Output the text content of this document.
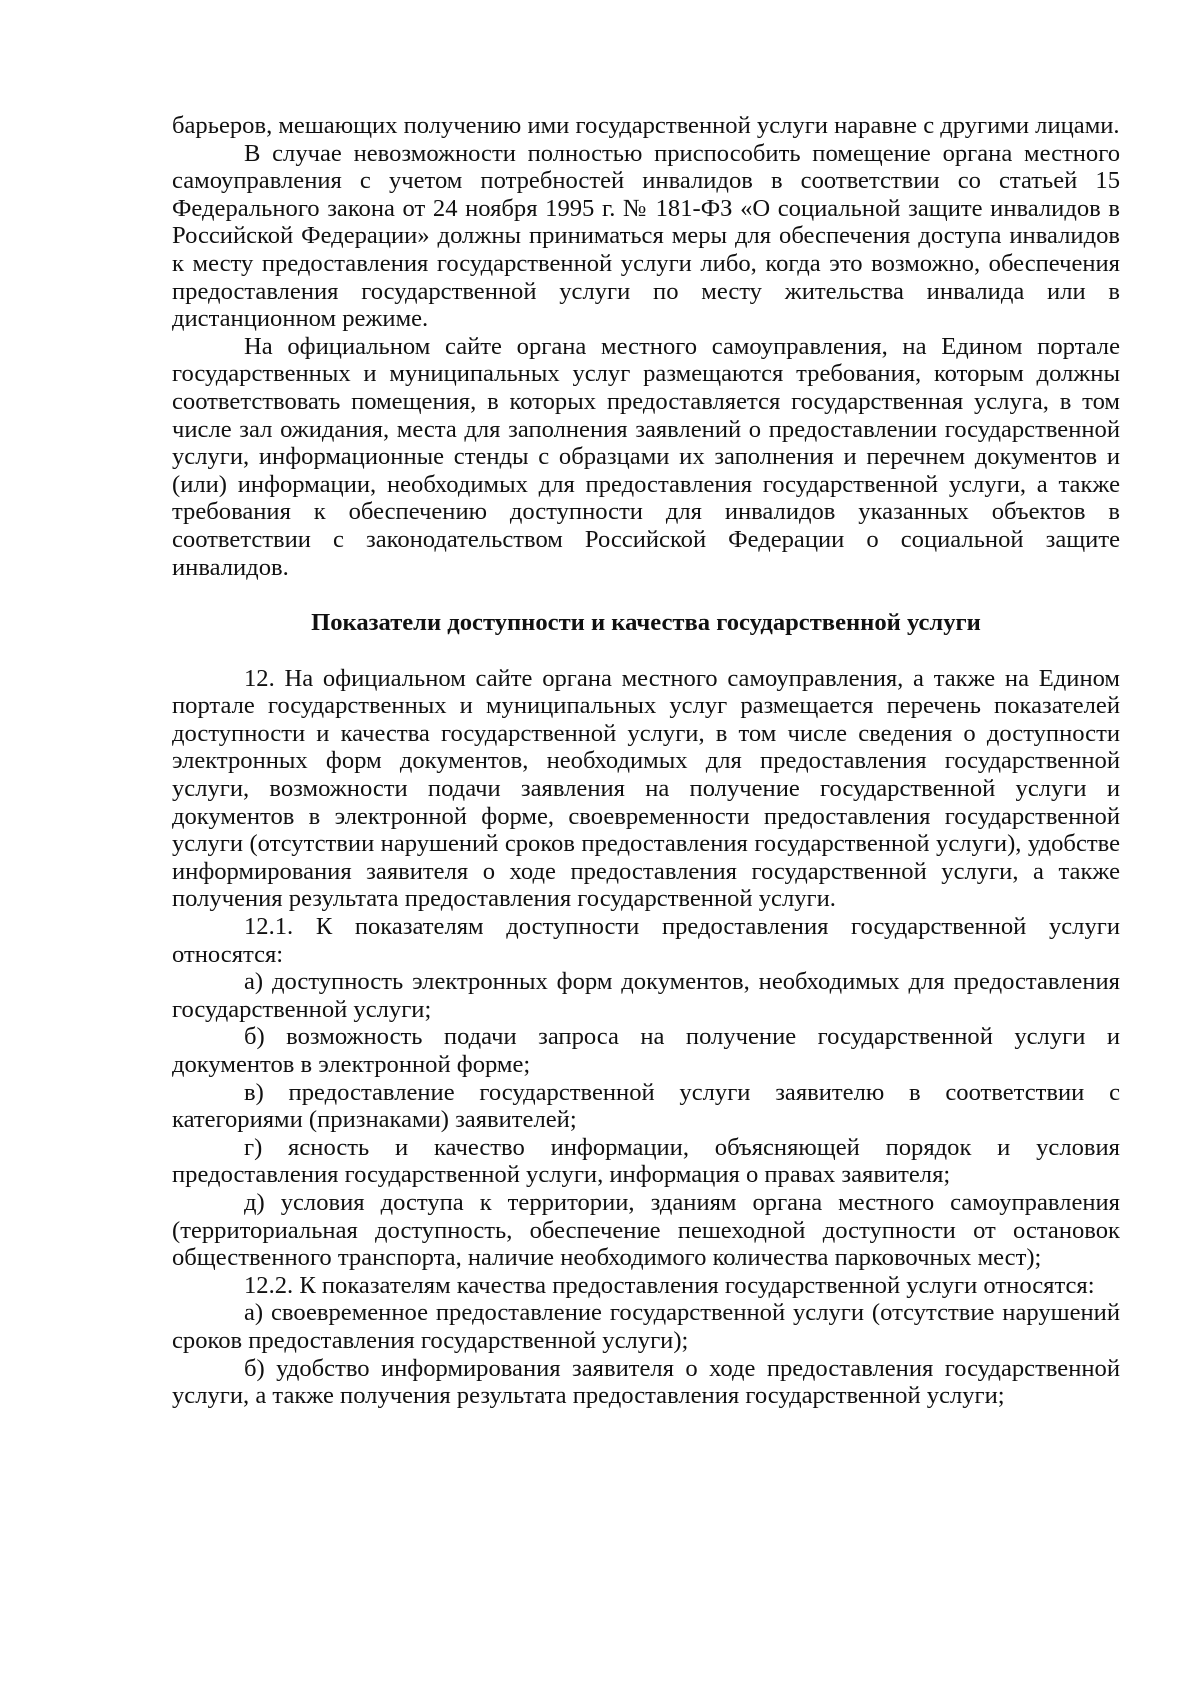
барьеров, мешающих получению ими государственной услуги наравне с другими лицами.

В случае невозможности полностью приспособить помещение органа местного самоуправления с учетом потребностей инвалидов в соответствии со статьей 15 Федерального закона от 24 ноября 1995 г. № 181-ФЗ «О социальной защите инвалидов в Российской Федерации» должны приниматься меры для обеспечения доступа инвалидов к месту предоставления государственной услуги либо, когда это возможно, обеспечения предоставления государственной услуги по месту жительства инвалида или в дистанционном режиме.

На официальном сайте органа местного самоуправления, на Едином портале государственных и муниципальных услуг размещаются требования, которым должны соответствовать помещения, в которых предоставляется государственная услуга, в том числе зал ожидания, места для заполнения заявлений о предоставлении государственной услуги, информационные стенды с образцами их заполнения и перечнем документов и (или) информации, необходимых для предоставления государственной услуги, а также требования к обеспечению доступности для инвалидов указанных объектов в соответствии с законодательством Российской Федерации о социальной защите инвалидов.

Показатели доступности и качества государственной услуги

12. На официальном сайте органа местного самоуправления, а также на Едином портале государственных и муниципальных услуг размещается перечень показателей доступности и качества государственной услуги, в том числе сведения о доступности электронных форм документов, необходимых для предоставления государственной услуги, возможности подачи заявления на получение государственной услуги и документов в электронной форме, своевременности предоставления государственной услуги (отсутствии нарушений сроков предоставления государственной услуги), удобстве информирования заявителя о ходе предоставления государственной услуги, а также получения результата предоставления государственной услуги.

12.1. К показателям доступности предоставления государственной услуги относятся:

а) доступность электронных форм документов, необходимых для предоставления государственной услуги;

б) возможность подачи запроса на получение государственной услуги и документов в электронной форме;

в) предоставление государственной услуги заявителю в соответствии с категориями (признаками) заявителей;

г) ясность и качество информации, объясняющей порядок и условия предоставления государственной услуги, информация о правах заявителя;

д) условия доступа к территории, зданиям органа местного самоуправления (территориальная доступность, обеспечение пешеходной доступности от остановок общественного транспорта, наличие необходимого количества парковочных мест);

12.2. К показателям качества предоставления государственной услуги относятся:

а) своевременное предоставление государственной услуги (отсутствие нарушений сроков предоставления государственной услуги);

б) удобство информирования заявителя о ходе предоставления государственной услуги, а также получения результата предоставления государственной услуги;
